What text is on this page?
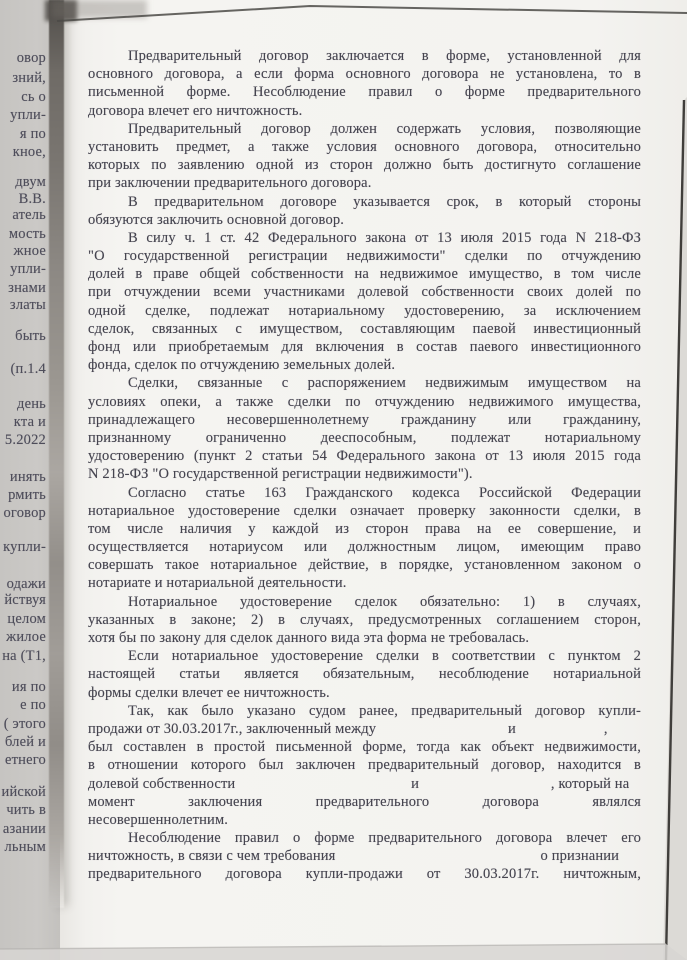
овор
зний,
сь о
упли-
я по
кное,
двум
В.В.
атель
мость
жное
упли-
знами
златы
быть
(п.1.4
день
кта и
5.2022
инять
рмить
оговор
купли-
одажи
йствуя
целом
жилое
на (Т1,
ия по
е по
( этого
блей и
етнего
ийской
чить в
азании
льным
Предварительный договор заключается в форме, установленной для
основного договора, а если форма основного договора не установлена, то в
письменной форме. Несоблюдение правил о форме предварительного
договора влечет его ничтожность.
Предварительный договор должен содержать условия, позволяющие
установить предмет, а также условия основного договора, относительно
которых по заявлению одной из сторон должно быть достигнуто соглашение
при заключении предварительного договора.
В предварительном договоре указывается срок, в который стороны
обязуются заключить основной договор.
В силу ч. 1 ст. 42 Федерального закона от 13 июля 2015 года N 218-ФЗ
"О государственной регистрации недвижимости" сделки по отчуждению
долей в праве общей собственности на недвижимое имущество, в том числе
при отчуждении всеми участниками долевой собственности своих долей по
одной сделке, подлежат нотариальному удостоверению, за исключением
сделок, связанных с имуществом, составляющим паевой инвестиционный
фонд или приобретаемым для включения в состав паевого инвестиционного
фонда, сделок по отчуждению земельных долей.
Сделки, связанные с распоряжением недвижимым имуществом на
условиях опеки, а также сделки по отчуждению недвижимого имущества,
принадлежащего несовершеннолетнему гражданину или гражданину,
признанному ограниченно дееспособным, подлежат нотариальному
удостоверению (пункт 2 статьи 54 Федерального закона от 13 июля 2015 года
N 218-ФЗ "О государственной регистрации недвижимости").
Согласно статье 163 Гражданского кодекса Российской Федерации
нотариальное удостоверение сделки означает проверку законности сделки, в
том числе наличия у каждой из сторон права на ее совершение, и
осуществляется нотариусом или должностным лицом, имеющим право
совершать такое нотариальное действие, в порядке, установленном законом о
нотариате и нотариальной деятельности.
Нотариальное удостоверение сделок обязательно: 1) в случаях,
указанных в законе; 2) в случаях, предусмотренных соглашением сторон,
хотя бы по закону для сделок данного вида эта форма не требовалась.
Если нотариальное удостоверение сделки в соответствии с пунктом 2
настоящей статьи является обязательным, несоблюдение нотариальной
формы сделки влечет ее ничтожность.
Так, как было указано судом ранее, предварительный договор купли-
продажи от 30.03.2017г., заключенный между         и      ,
был составлен в простой письменной форме, тогда как объект недвижимости,
в отношении которого был заключен предварительный договор, находится в
долевой собственности            и         , который на
момент заключения предварительного договора являлся
несовершеннолетним.
Несоблюдение правил о форме предварительного договора влечет его
ничтожность, в связи с чем требования              о признании
предварительного договора купли-продажи от 30.03.2017г. ничтожным,
